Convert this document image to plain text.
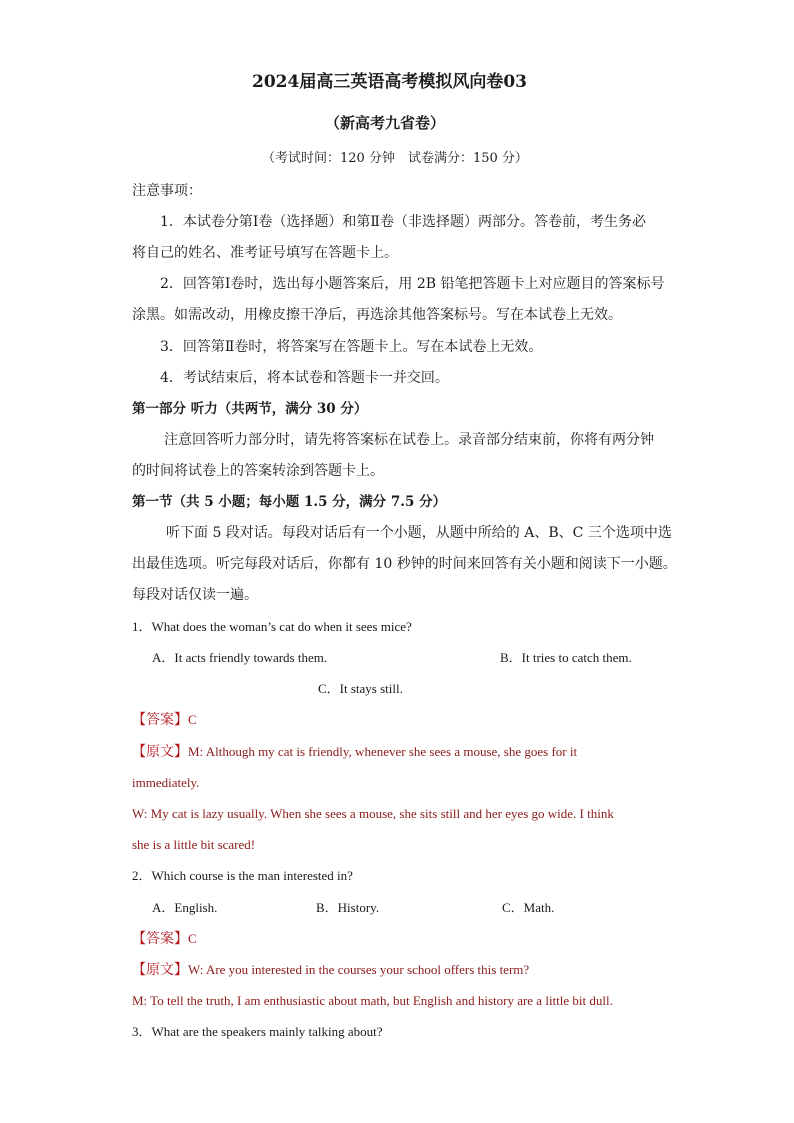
2024届高三英语高考模拟风向卷03
（新高考九省卷）
（考试时间：120 分钟　试卷满分：150 分）
注意事项：
1．本试卷分第Ⅰ卷（选择题）和第Ⅱ卷（非选择题）两部分。答卷前，考生务必
将自己的姓名、准考证号填写在答题卡上。
2．回答第Ⅰ卷时，选出每小题答案后，用 2B 铅笔把答题卡上对应题目的答案标号
涂黑。如需改动，用橡皮擦干净后，再选涂其他答案标号。写在本试卷上无效。
3．回答第Ⅱ卷时，将答案写在答题卡上。写在本试卷上无效。
4．考试结束后，将本试卷和答题卡一并交回。
第一部分 听力（共两节，满分 30 分）
注意回答听力部分时，请先将答案标在试卷上。录音部分结束前，你将有两分钟
的时间将试卷上的答案转涂到答题卡上。
第一节（共 5 小题；每小题 1.5 分，满分 7.5 分）
听下面 5 段对话。每段对话后有一个小题，从题中所给的 A、B、C 三个选项中选
出最佳选项。听完每段对话后，你都有 10 秒钟的时间来回答有关小题和阅读下一小题。
每段对话仅读一遍。
1．What does the woman’s cat do when it sees mice?
A．It acts friendly towards them.	B．It tries to catch them.
C．It stays still.
【答案】C
【原文】M: Although my cat is friendly, whenever she sees a mouse, she goes for it
immediately.
W: My cat is lazy usually. When she sees a mouse, she sits still and her eyes go wide. I think
she is a little bit scared!
2．Which course is the man interested in?
A．English.	B．History.	C．Math.
【答案】C
【原文】W: Are you interested in the courses your school offers this term?
M: To tell the truth, I am enthusiastic about math, but English and history are a little bit dull.
3．What are the speakers mainly talking about?
